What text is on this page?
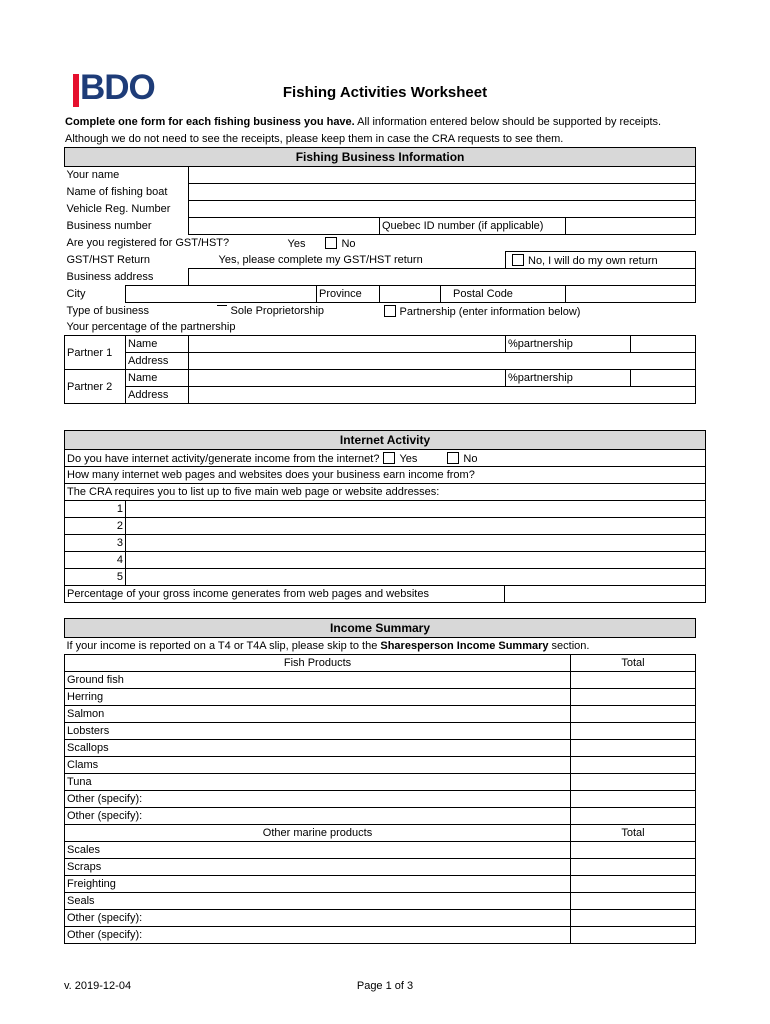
BDO	Fishing Activities Worksheet
Complete one form for each fishing business you have. All information entered below should be supported by receipts. Although we do not need to see the receipts, please keep them in case the CRA requests to see them.
Fishing Business Information									
Your name									
Name of fishing boat									
Vehicle Reg. Number									
Business number					Quebec ID number (if applicable)				
Are you registered for GST/HST?			Yes No						
GST/HST Return		Yes, please complete my GST/HST return					No, I will do my own return		
Business address									
City				Province		Postal Code			
Type of business		Sole Proprietorship			Partnership (enter information below)				
Your percentage of the partnership									
Partner 1	Name						%partnership		
	Address								
Partner 2	Name						%partnership		
	Address								
Internet Activity
Do you have internet activity/generate income from the internet? Yes	No
How many internet web pages and websites does your business earn income from?
The CRA requires you to list up to five main web page or website addresses:
1	
2	
3	
4	
5	

Percentage of your gross income generates from web pages and websites	
Income Summary	
If your income is reported on a T4 or T4A slip, please skip to the Sharesperson Income Summary section.	
Fish Products	Total
Ground fish	
Herring	
Salmon	
Lobsters	
Scallops	
Clams	
Tuna	
Other (specify):	
Other (specify):	
Other marine products	Total
Scales	
Scraps	
Freighting	
Seals	
Other (specify):	
Other (specify):	
v. 2019-12-04	Page 1 of 3
